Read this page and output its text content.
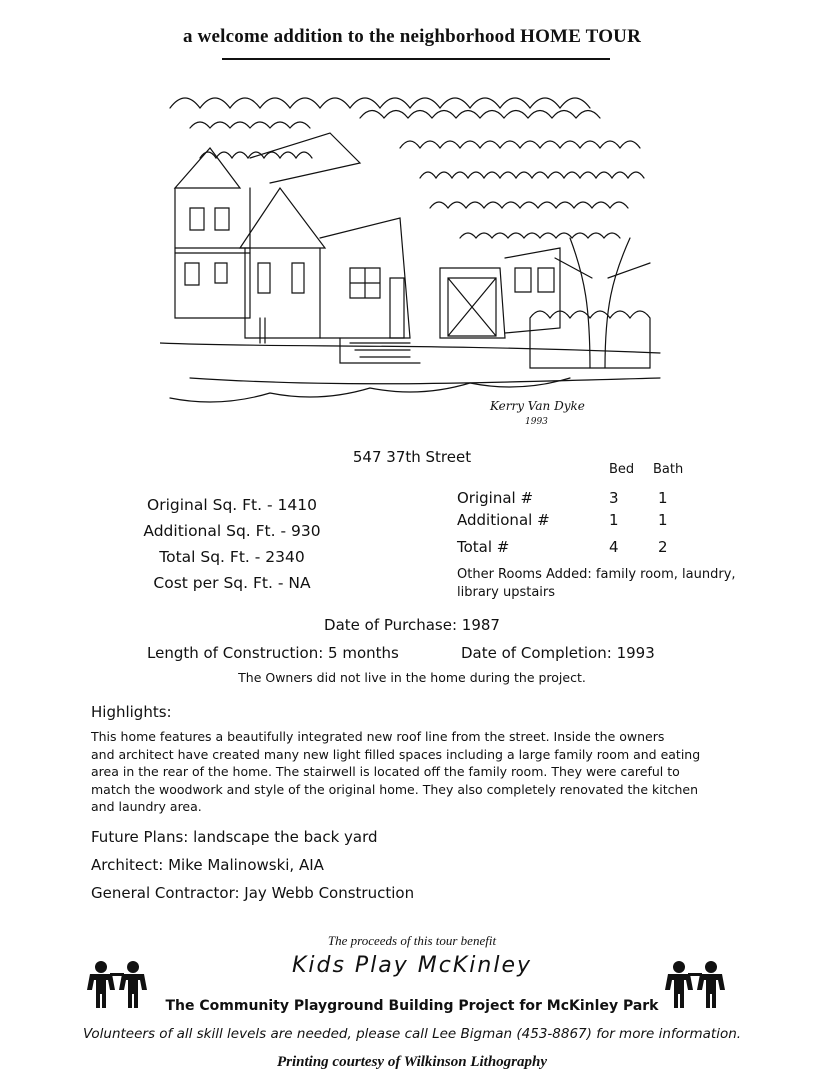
a welcome addition to the neighborhood HOME TOUR
Kerry Van Dyke
1993
547 37th Street
Original Sq. Ft. - 1410
Additional Sq. Ft. - 930
Total Sq. Ft. - 2340
Cost per Sq. Ft. - NA
Bed Bath
Original #	3	1
Additional #	1	1
Total #	4	2
Other Rooms Added: family room, laundry,
library upstairs
Date of Purchase: 1987
Length of Construction: 5 months	Date of Completion: 1993
The Owners did not live in the home during the project.
Highlights:
This home features a beautifully integrated new roof line from the street. Inside the owners
and architect have created many new light filled spaces including a large family room and eating
area in the rear of the home. The stairwell is located off the family room. They were careful to
match the woodwork and style of the original home. They also completely renovated the kitchen
and laundry area.
Future Plans: landscape the back yard
Architect: Mike Malinowski, AIA
General Contractor: Jay Webb Construction
The proceeds of this tour benefit
Kids Play McKinley
The Community Playground Building Project for McKinley Park
Volunteers of all skill levels are needed, please call Lee Bigman (453-8867) for more information.
Printing courtesy of Wilkinson Lithography
